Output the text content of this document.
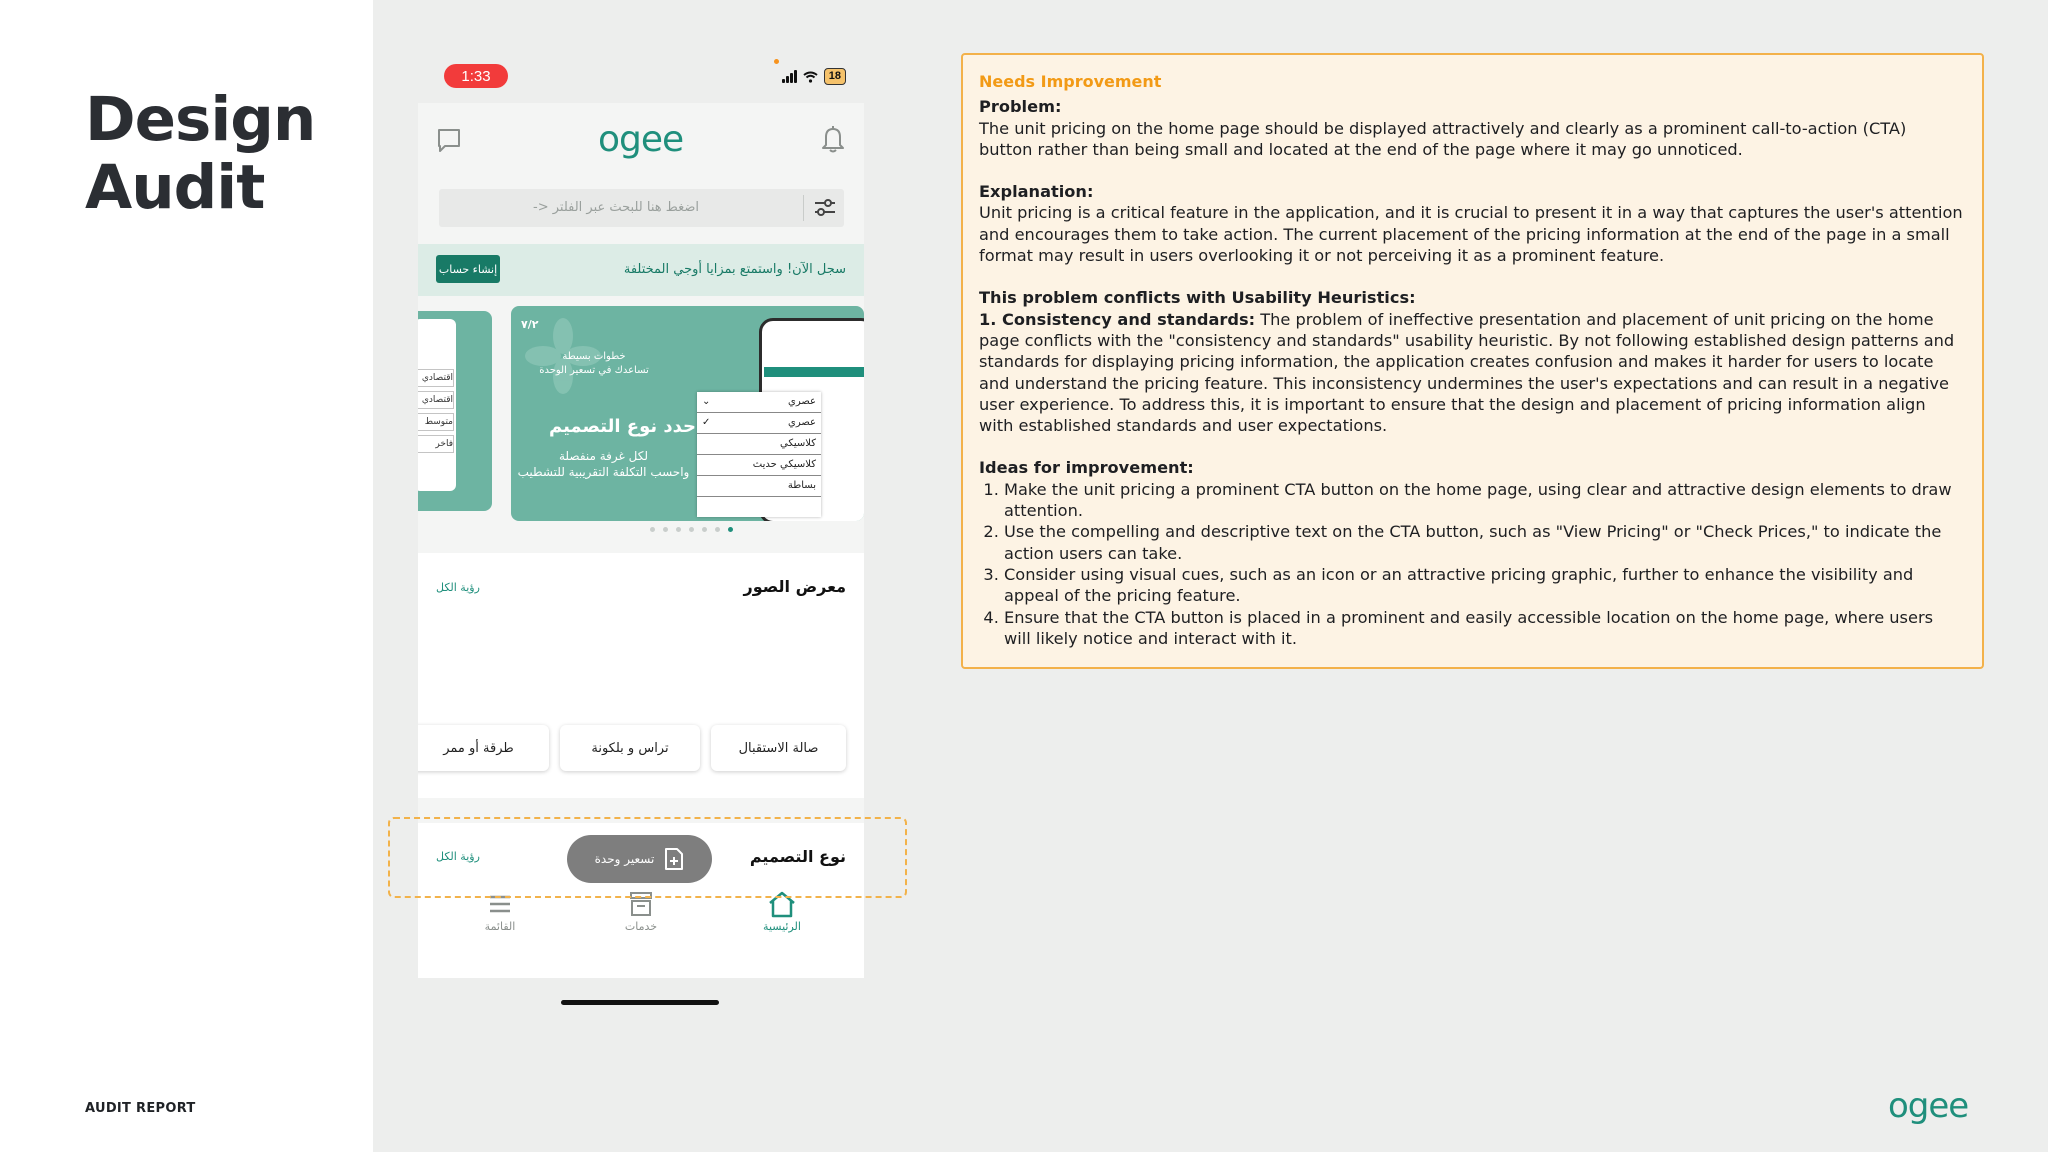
Design
Audit
AUDIT REPORT
1:33	18
ogee
-> اضغط هنا للبحث عبر الفلتر
إنشاء حساب	سجل الآن! واستمتع بمزايا أوجي المختلفة
اقتصادي
اقتصادي
متوسط
فاخر
٧/٢
خطوات بسيطة
تساعدك في تسعير الوحدة
حدد نوع التصميم
لكل غرفة منفصلة
واحسب التكلفة التقريبية للتشطيب
⌄	عصري
✓	عصري
كلاسيكي
كلاسيكي حديث
بساطة
معرض الصور
رؤية الكل
صالة الاستقبال
تراس و بلكونة
طرقة أو ممر
نوع التصميم
رؤية الكل	تسعير وحدة
الرئيسية
خدمات
القائمة
Needs Improvement

Problem:

The unit pricing on the home page should be displayed attractively and clearly as a prominent call-to-action (CTA) button rather than being small and located at the end of the page where it may go unnoticed.

Explanation:

Unit pricing is a critical feature in the application, and it is crucial to present it in a way that captures the user's attention and encourages them to take action. The current placement of the pricing information at the end of the page in a small format may result in users overlooking it or not perceiving it as a prominent feature.

This problem conflicts with Usability Heuristics:

1. Consistency and standards: The problem of ineffective presentation and placement of unit pricing on the home page conflicts with the "consistency and standards" usability heuristic. By not following established design patterns and standards for displaying pricing information, the application creates confusion and makes it harder for users to locate and understand the pricing feature. This inconsistency undermines the user's expectations and can result in a negative user experience. To address this, it is important to ensure that the design and placement of pricing information align with established standards and user expectations.

Ideas for improvement:

1. Make the unit pricing a prominent CTA button on the home page, using clear and attractive design elements to draw attention.
2. Use the compelling and descriptive text on the CTA button, such as "View Pricing" or "Check Prices," to indicate the action users can take.
3. Consider using visual cues, such as an icon or an attractive pricing graphic, further to enhance the visibility and appeal of the pricing feature.
4. Ensure that the CTA button is placed in a prominent and easily accessible location on the home page, where users will likely notice and interact with it.
ogee
